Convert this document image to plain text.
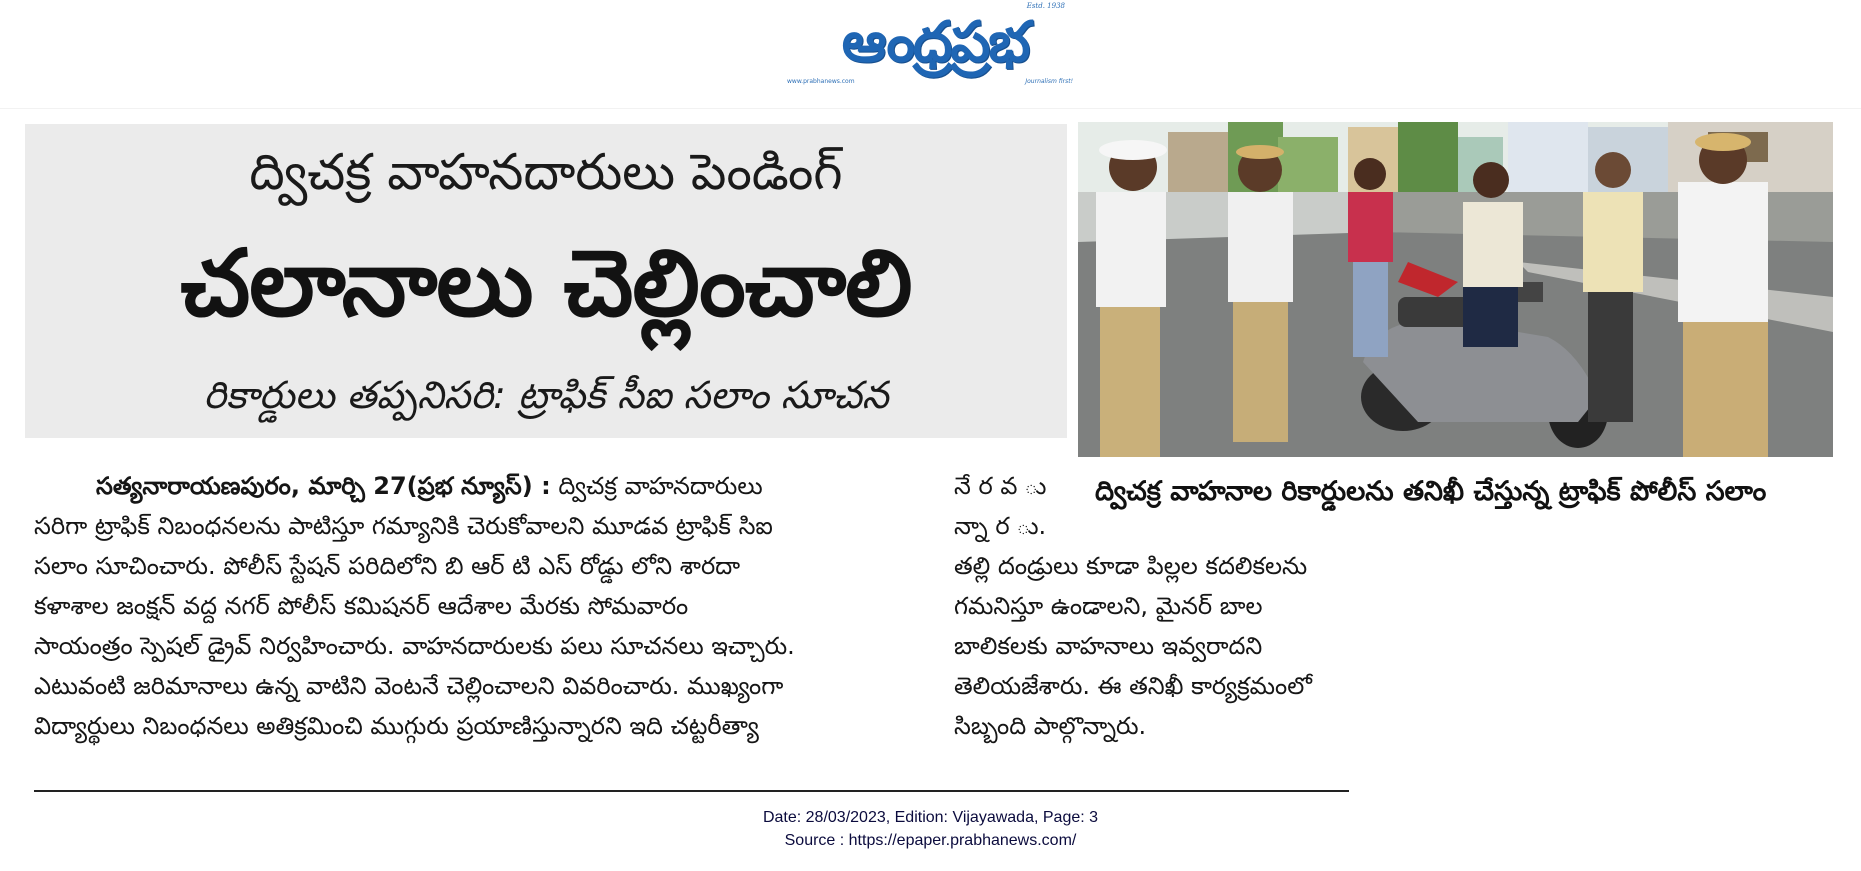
Estd. 1938
ఆంధ్రప్రభ
www.prabhanews.com	Journalism first!
ద్విచక్ర వాహనదారులు పెండింగ్
చలానాలు చెల్లించాలి
రికార్డులు తప్పనిసరి: ట్రాఫిక్ సీఐ సలాం సూచన
ద్విచక్ర వాహనాల రికార్డులను తనిఖీ చేస్తున్న ట్రాఫిక్ పోలీస్ సలాం
సత్యనారాయణపురం, మార్చి 27(ప్రభ న్యూస్) : ద్విచక్ర వాహనదారులు
సరిగా ట్రాఫిక్ నిబంధనలను పాటిస్తూ గమ్యానికి చెరుకోవాలని మూడవ ట్రాఫిక్ సిఐ
సలాం సూచించారు. పోలీస్ స్టేషన్ పరిదిలోని బి ఆర్ టి ఎస్ రోడ్డు లోని శారదా
కళాశాల జంక్షన్ వద్ద నగర్ పోలీస్ కమిషనర్ ఆదేశాల మేరకు సోమవారం
సాయంత్రం స్పెషల్ డ్రైవ్ నిర్వహించారు. వాహనదారులకు పలు సూచనలు ఇచ్చారు.
ఎటువంటి జరిమానాలు ఉన్న వాటిని వెంటనే చెల్లించాలని వివరించారు. ముఖ్యంగా
విద్యార్థులు నిబంధనలు అతిక్రమించి ముగ్గురు ప్రయాణిస్తున్నారని ఇది చట్టరీత్యా
నే ర వ ు
న్నా ర ు.
తల్లి దండ్రులు కూడా పిల్లల కదలికలను
గమనిస్తూ ఉండాలని, మైనర్ బాల
బాలికలకు వాహనాలు ఇవ్వరాదని
తెలియజేశారు. ఈ తనిఖీ కార్యక్రమంలో
సిబ్బంది పాల్గొన్నారు.
Date: 28/03/2023, Edition: Vijayawada, Page: 3
Source : https://epaper.prabhanews.com/
